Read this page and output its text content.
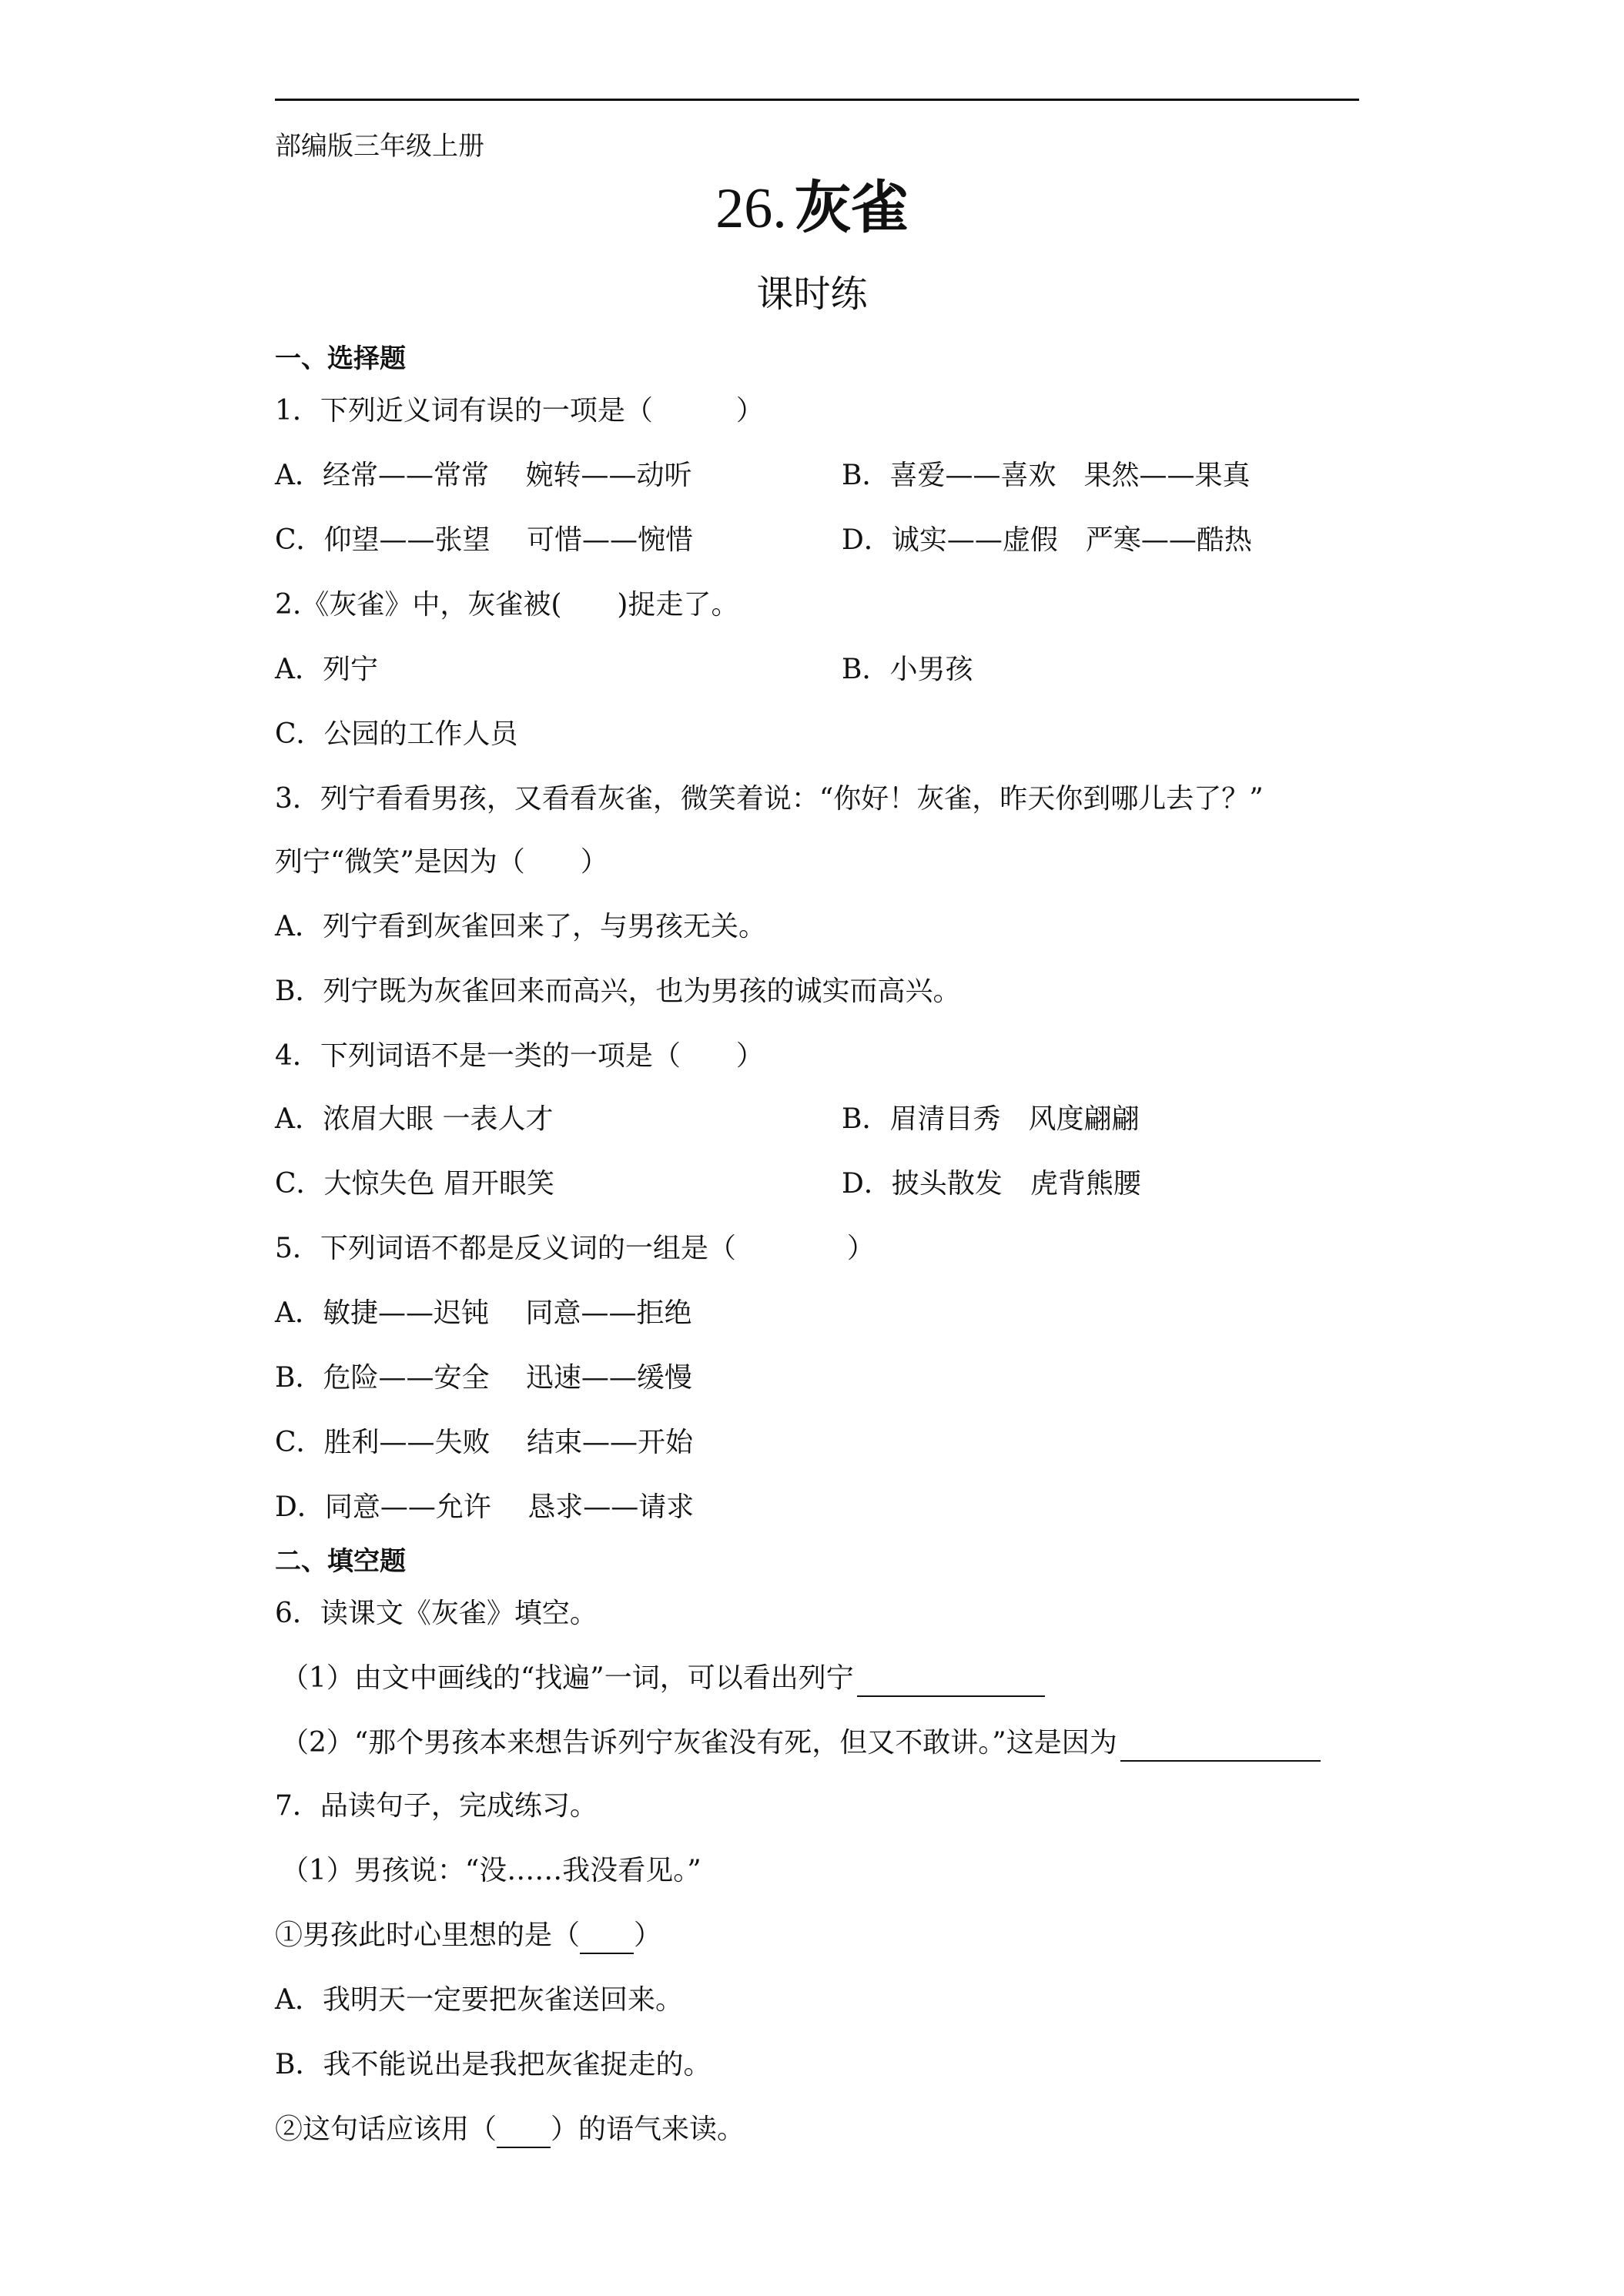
部编版三年级上册
26. 灰雀
课时练
一、选择题
1．下列近义词有误的一项是（　　　）
A．经常——常常　 婉转——动听	B．喜爱——喜欢　果然——果真
C．仰望——张望　 可惜——惋惜	D．诚实——虚假　严寒——酷热
2.《灰雀》中，灰雀被(　　)捉走了。
A．列宁	B．小男孩
C．公园的工作人员
3．列宁看看男孩，又看看灰雀，微笑着说：“你好！灰雀，昨天你到哪儿去了？”
列宁“微笑”是因为（　　）
A．列宁看到灰雀回来了，与男孩无关。
B．列宁既为灰雀回来而高兴，也为男孩的诚实而高兴。
4．下列词语不是一类的一项是（　　）
A．浓眉大眼 一表人才	B．眉清目秀　风度翩翩
C．大惊失色 眉开眼笑	D．披头散发　虎背熊腰
5．下列词语不都是反义词的一组是（　　　　）
A．敏捷——迟钝　 同意——拒绝
B．危险——安全　 迅速——缓慢
C．胜利——失败　 结束——开始
D．同意——允许　 恳求——请求
二、填空题
6．读课文《灰雀》填空。
（1）由文中画线的“找遍”一词，可以看出列宁
（2）“那个男孩本来想告诉列宁灰雀没有死，但又不敢讲。”这是因为
7．品读句子，完成练习。
（1）男孩说：“没……我没看见。”
①男孩此时心里想的是（ ）
A．我明天一定要把灰雀送回来。
B．我不能说出是我把灰雀捉走的。
②这句话应该用（ ）的语气来读。
